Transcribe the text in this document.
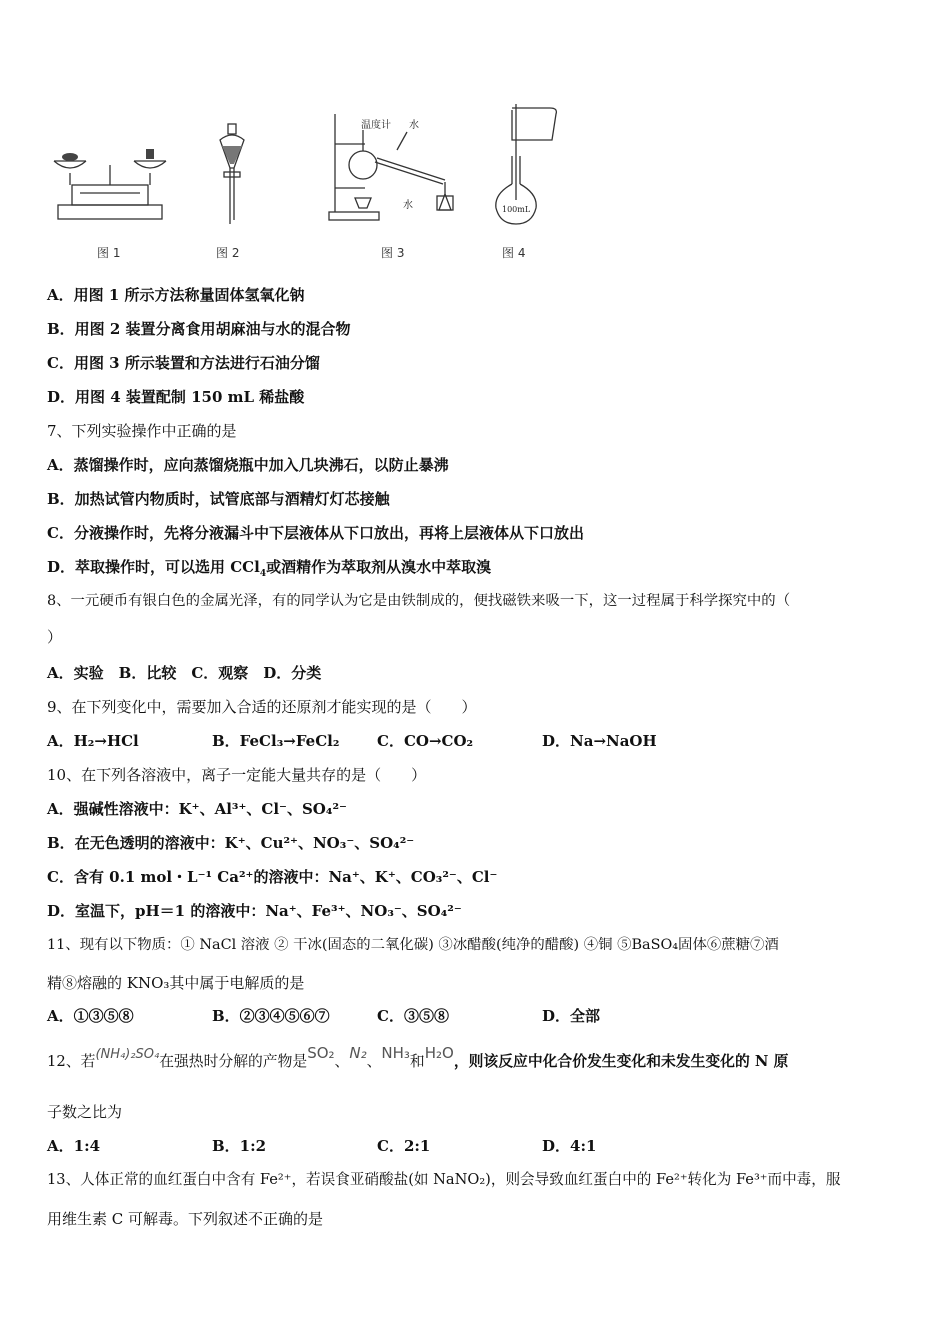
图 1	图 2
温度计 水
水
图 3
100mL
图 4
A．用图 1 所示方法称量固体氢氧化钠
B．用图 2 装置分离食用胡麻油与水的混合物
C．用图 3 所示装置和方法进行石油分馏
D．用图 4 装置配制 150 mL 稀盐酸
7、下列实验操作中正确的是
A．蒸馏操作时，应向蒸馏烧瓶中加入几块沸石，以防止暴沸
B．加热试管内物质时，试管底部与酒精灯灯芯接触
C．分液操作时，先将分液漏斗中下层液体从下口放出，再将上层液体从下口放出
D．萃取操作时，可以选用 CCl$_4$或酒精作为萃取剂从溴水中萃取溴
8、一元硬币有银白色的金属光泽，有的同学认为它是由铁制成的，便找磁铁来吸一下，这一过程属于科学探究中的（
）
A．实验　B．比较　C．观察　D．分类
9、在下列变化中，需要加入合适的还原剂才能实现的是（　　）
A．H₂→HCl	B．FeCl₃→FeCl₂	C．CO→CO₂	D．Na→NaOH
10、在下列各溶液中，离子一定能大量共存的是（　　）
A．强碱性溶液中：K⁺、Al³⁺、Cl⁻、SO₄²⁻
B．在无色透明的溶液中：K⁺、Cu²⁺、NO₃⁻、SO₄²⁻
C．含有 0.1 mol・L⁻¹ Ca²⁺的溶液中：Na⁺、K⁺、CO₃²⁻、Cl⁻
D．室温下，pH＝1 的溶液中：Na⁺、Fe³⁺、NO₃⁻、SO₄²⁻
11、现有以下物质：① NaCl 溶液 ② 干冰(固态的二氧化碳) ③冰醋酸(纯净的醋酸) ④铜 ⑤BaSO₄固体⑥蔗糖⑦酒
精⑧熔融的 KNO₃其中属于电解质的是
A．①③⑤⑧	B．②③④⑤⑥⑦	C．③⑤⑧	D．全部
12、若(NH₄)₂SO₄在强热时分解的产物是SO₂、N₂、NH₃和H₂O，则该反应中化合价发生变化和未发生变化的 N 原
子数之比为
A．1:4	B．1:2	C．2:1	D．4:1
13、人体正常的血红蛋白中含有 Fe²⁺，若误食亚硝酸盐(如 NaNO₂)，则会导致血红蛋白中的 Fe²⁺转化为 Fe³⁺而中毒，服
用维生素 C 可解毒。下列叙述不正确的是
